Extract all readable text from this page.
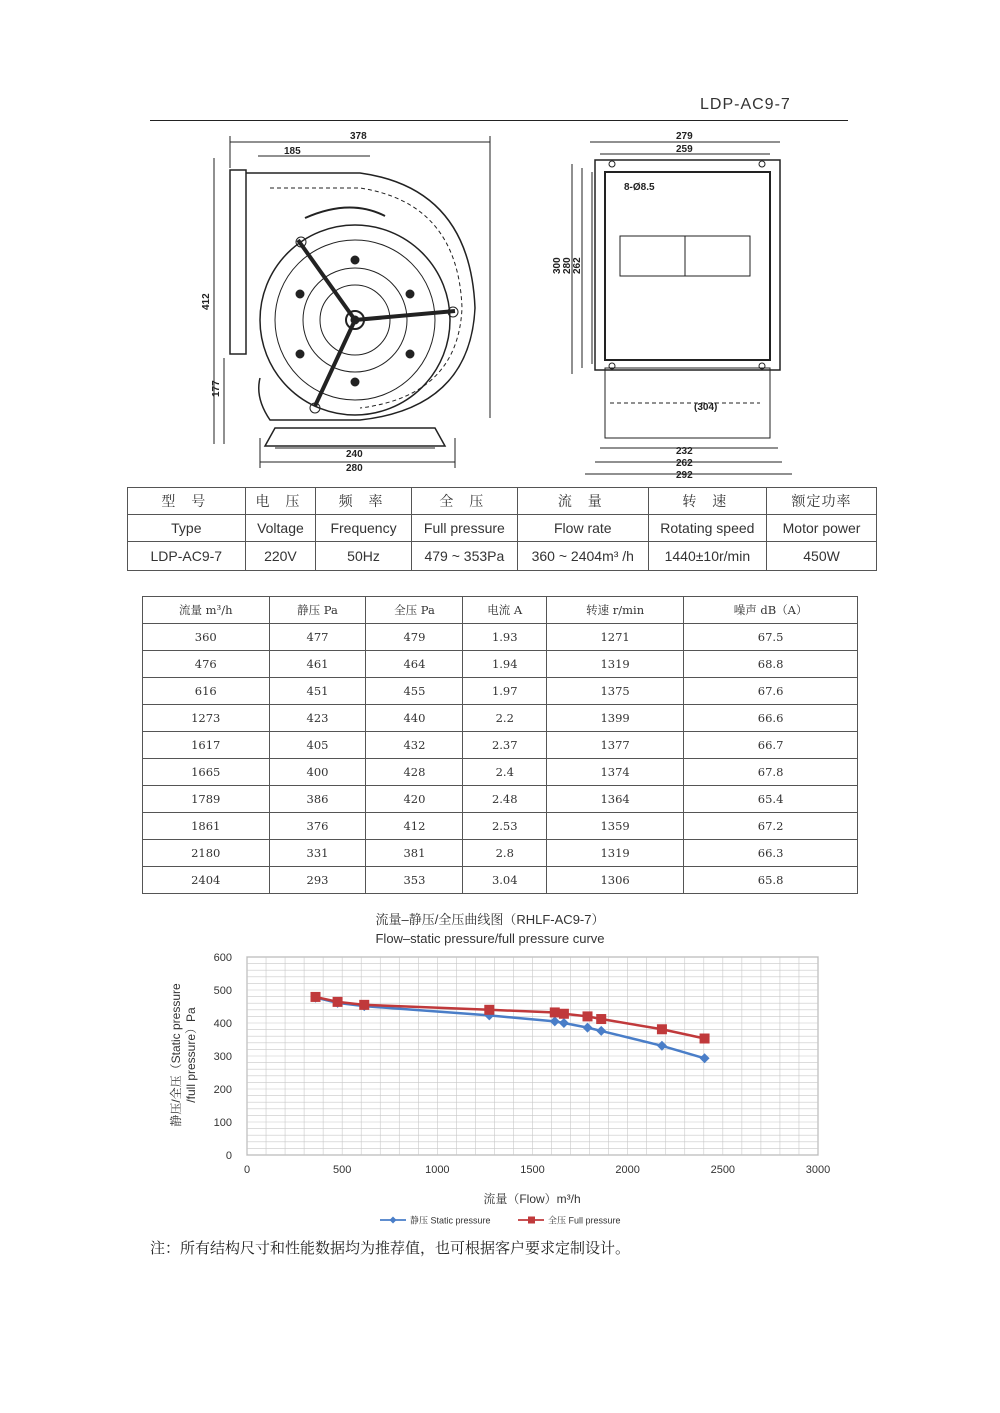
LDP-AC9-7
378
185
412
177
240
280
279
259
8-Ø8.5
300 280 262
(304)
232
262
292
型 号	电 压	频 率	全 压	流 量	转 速	额定功率
Type	Voltage	Frequency	Full pressure	Flow rate	Rotating speed	Motor power
LDP-AC9-7	220V	50Hz	479 ~ 353Pa	360 ~ 2404m³ /h	1440±10r/min	450W
流量 m³/h	静压 Pa	全压 Pa	电流 A	转速 r/min	噪声 dB（A）
360	477	479	1.93	1271	67.5
476	461	464	1.94	1319	68.8
616	451	455	1.97	1375	67.6
1273	423	440	2.2	1399	66.6
1617	405	432	2.37	1377	66.7
1665	400	428	2.4	1374	67.8
1789	386	420	2.48	1364	65.4
1861	376	412	2.53	1359	67.2
2180	331	381	2.8	1319	66.3
2404	293	353	3.04	1306	65.8
流量–静压/全压曲线图（RHLF-AC9-7）
Flow–static pressure/full pressure curve
0	500	1000	1500	2000	2500	3000
0
100
200
300
400
500
600
静压/全压（Static pressure /full pressure）Pa
流量（Flow）m³/h
静压 Static pressure	全压 Full pressure
注：所有结构尺寸和性能数据均为推荐值，也可根据客户要求定制设计。
